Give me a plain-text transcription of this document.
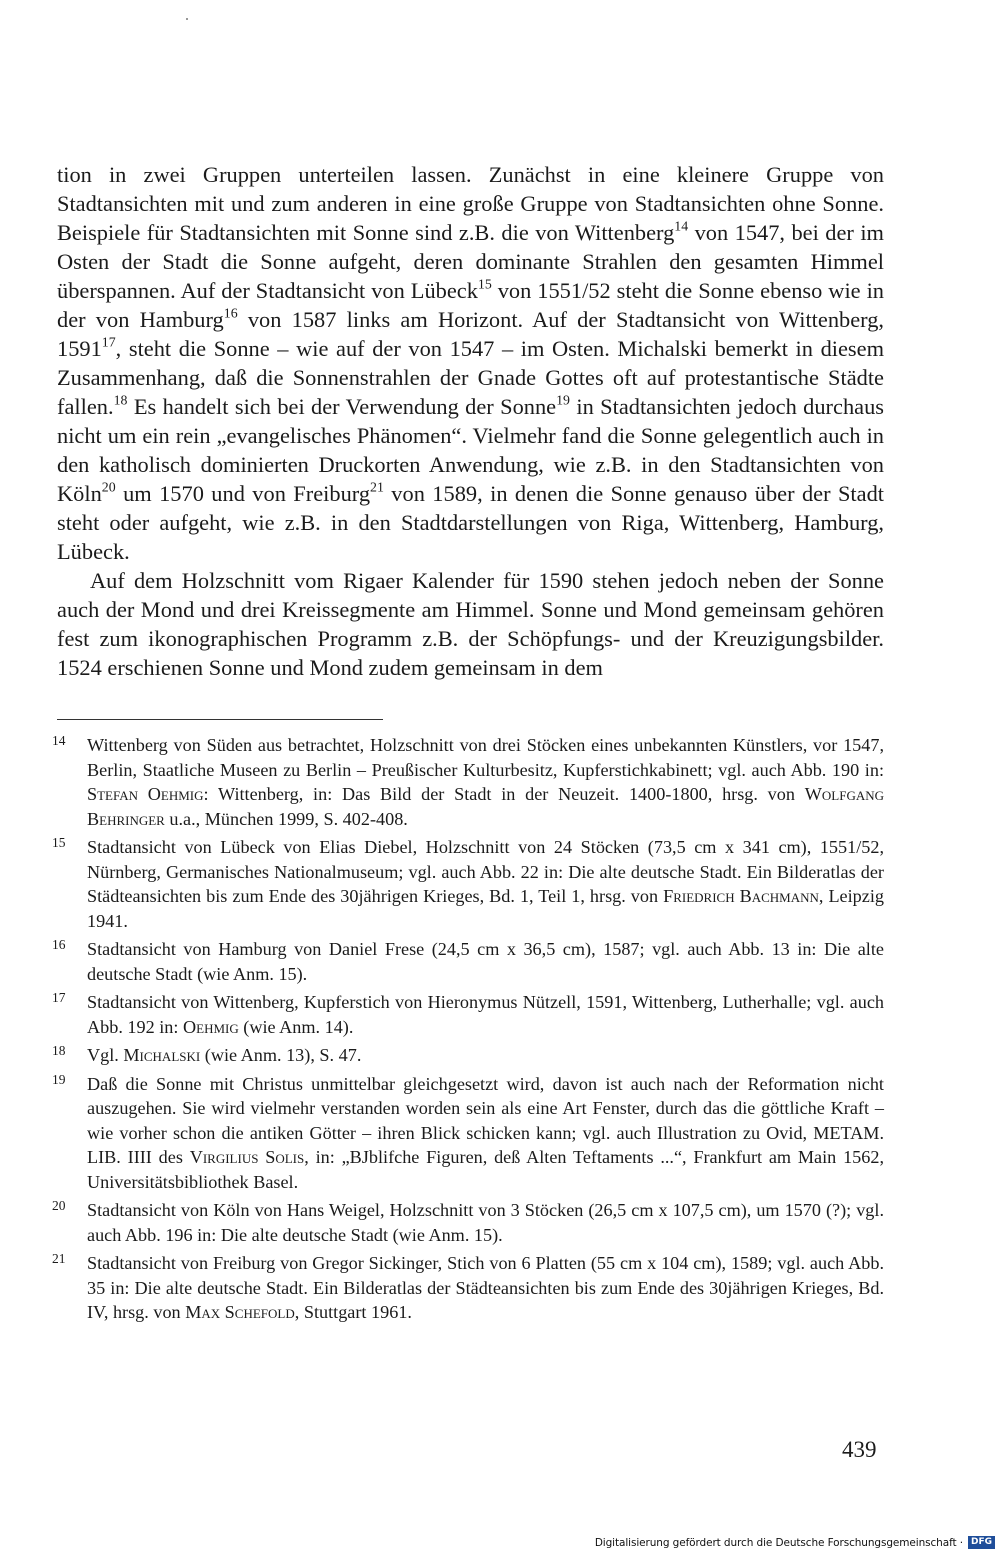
tion in zwei Gruppen unterteilen lassen. Zunächst in eine kleinere Gruppe von Stadtansichten mit und zum anderen in eine große Gruppe von Stadtansichten ohne Sonne. Beispiele für Stadtansichten mit Sonne sind z.B. die von Wittenberg$^{14}$ von 1547, bei der im Osten der Stadt die Sonne aufgeht, deren dominante Strahlen den gesamten Himmel überspannen. Auf der Stadtansicht von Lübeck$^{15}$ von 1551/52 steht die Sonne ebenso wie in der von Hamburg$^{16}$ von 1587 links am Horizont. Auf der Stadtansicht von Wittenberg, 1591$^{17}$, steht die Sonne – wie auf der von 1547 – im Osten. Michalski bemerkt in diesem Zusammenhang, daß die Sonnenstrahlen der Gnade Gottes oft auf protestantische Städte fallen.$^{18}$ Es handelt sich bei der Verwendung der Sonne$^{19}$ in Stadtansichten jedoch durchaus nicht um ein rein „evangelisches Phänomen“. Vielmehr fand die Sonne gelegentlich auch in den katholisch dominierten Druckorten Anwendung, wie z.B. in den Stadtansichten von Köln$^{20}$ um 1570 und von Freiburg$^{21}$ von 1589, in denen die Sonne genauso über der Stadt steht oder aufgeht, wie z.B. in den Stadtdarstellungen von Riga, Wittenberg, Hamburg, Lübeck.

Auf dem Holzschnitt vom Rigaer Kalender für 1590 stehen jedoch neben der Sonne auch der Mond und drei Kreissegmente am Himmel. Sonne und Mond gemeinsam gehören fest zum ikonographischen Programm z.B. der Schöpfungs- und der Kreuzigungsbilder. 1524 erschienen Sonne und Mond zudem gemeinsam in dem

14	Wittenberg von Süden aus betrachtet, Holzschnitt von drei Stöcken eines unbekannten Künstlers, vor 1547, Berlin, Staatliche Museen zu Berlin – Preußischer Kulturbesitz, Kupferstichkabinett; vgl. auch Abb. 190 in: Stefan Oehmig: Wittenberg, in: Das Bild der Stadt in der Neuzeit. 1400-1800, hrsg. von Wolfgang Behringer u.a., München 1999, S. 402-408.

15	Stadtansicht von Lübeck von Elias Diebel, Holzschnitt von 24 Stöcken (73,5 cm x 341 cm), 1551/52, Nürnberg, Germanisches Nationalmuseum; vgl. auch Abb. 22 in: Die alte deutsche Stadt. Ein Bilderatlas der Städteansichten bis zum Ende des 30jährigen Krieges, Bd. 1, Teil 1, hrsg. von Friedrich Bachmann, Leipzig 1941.

16	Stadtansicht von Hamburg von Daniel Frese (24,5 cm x 36,5 cm), 1587; vgl. auch Abb. 13 in: Die alte deutsche Stadt (wie Anm. 15).

17	Stadtansicht von Wittenberg, Kupferstich von Hieronymus Nützell, 1591, Wittenberg, Lutherhalle; vgl. auch Abb. 192 in: Oehmig (wie Anm. 14).

18	Vgl. Michalski (wie Anm. 13), S. 47.

19	Daß die Sonne mit Christus unmittelbar gleichgesetzt wird, davon ist auch nach der Reformation nicht auszugehen. Sie wird vielmehr verstanden worden sein als eine Art Fenster, durch das die göttliche Kraft – wie vorher schon die antiken Götter – ihren Blick schicken kann; vgl. auch Illustration zu Ovid, METAM. LIB. IIII des Virgilius Solis, in: „BJblifche Figuren, deß Alten Teftaments ...“, Frankfurt am Main 1562, Universitätsbibliothek Basel.

20	Stadtansicht von Köln von Hans Weigel, Holzschnitt von 3 Stöcken (26,5 cm x 107,5 cm), um 1570 (?); vgl. auch Abb. 196 in: Die alte deutsche Stadt (wie Anm. 15).

21	Stadtansicht von Freiburg von Gregor Sickinger, Stich von 6 Platten (55 cm x 104 cm), 1589; vgl. auch Abb. 35 in: Die alte deutsche Stadt. Ein Bilderatlas der Städteansichten bis zum Ende des 30jährigen Krieges, Bd. IV, hrsg. von Max Schefold, Stuttgart 1961.

439
Digitalisierung gefördert durch die Deutsche Forschungsgemeinschaft · DFG
